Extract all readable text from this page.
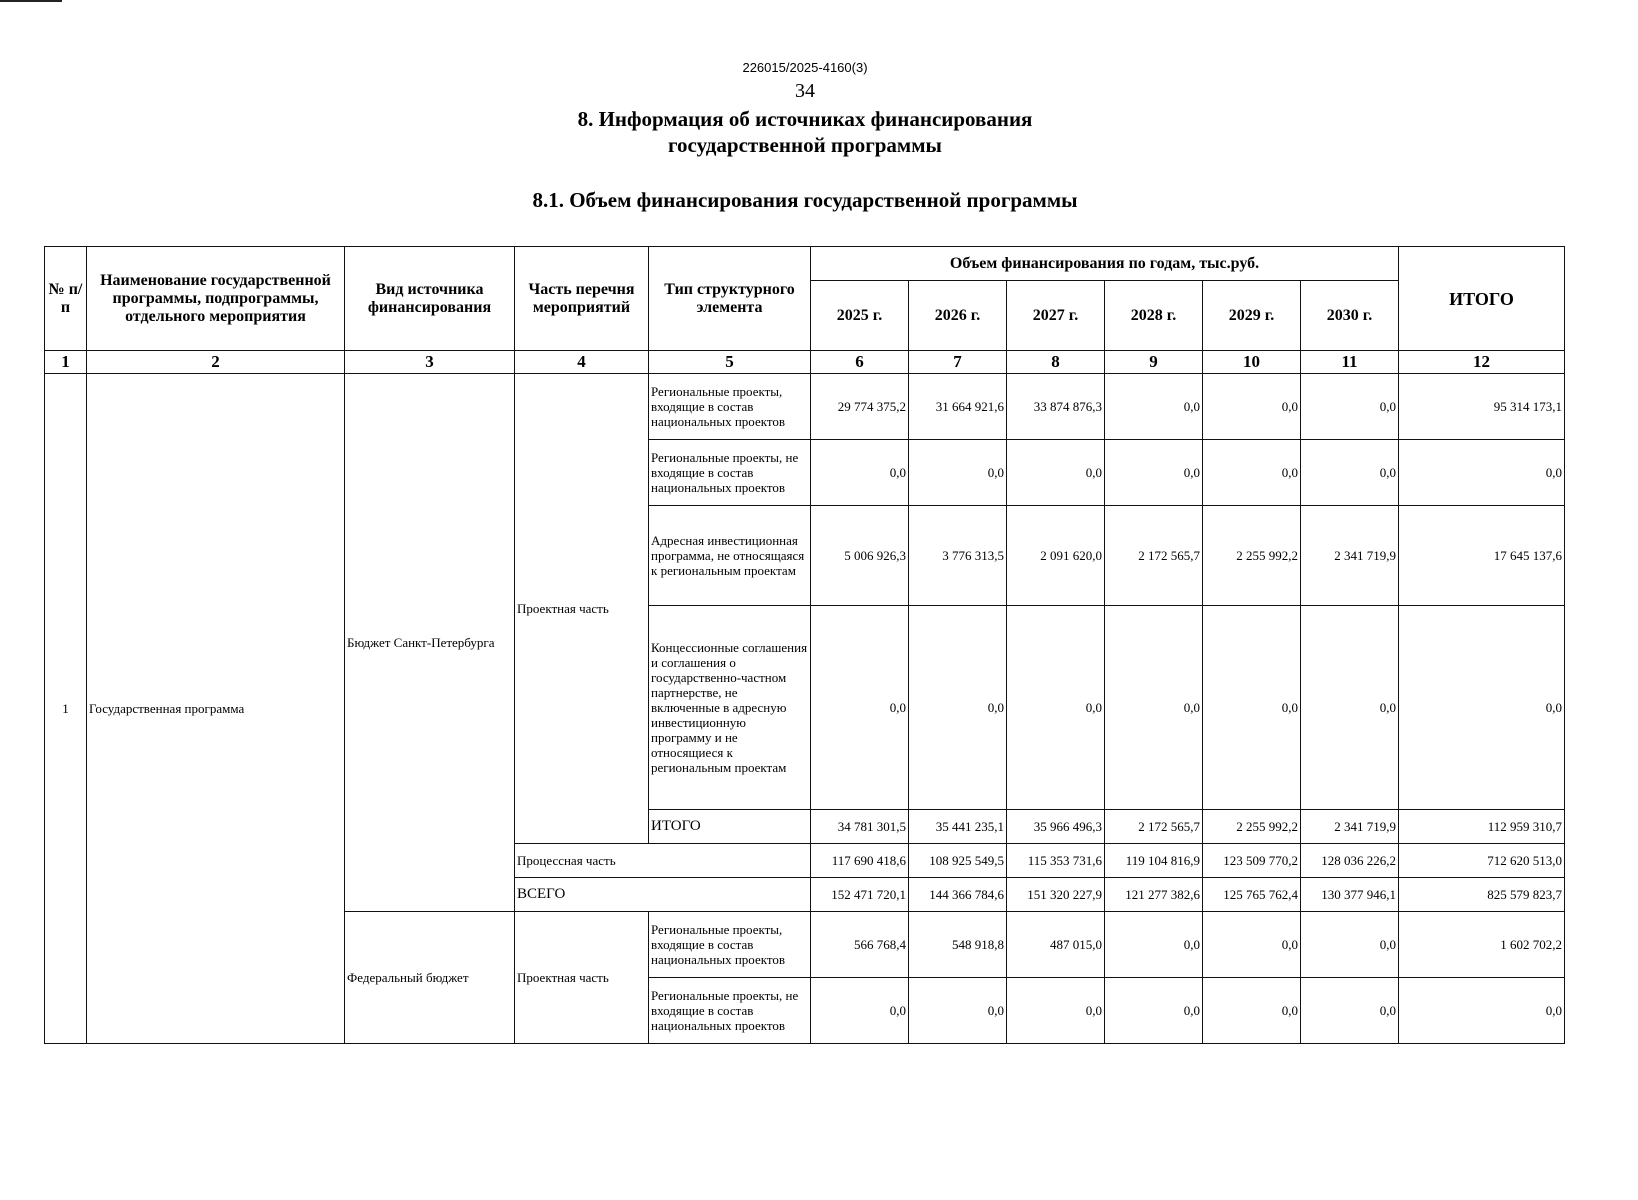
226015/2025-4160(3)
34
8. Информация об источниках финансирования
государственной программы
8.1. Объем финансирования государственной программы
№ п/п	Наименование государственной программы, подпрограммы, отдельного мероприятия	Вид источника финансирования	Часть перечня мероприятий	Тип структурного элемента	Объем финансирования по годам, тыс.руб.						ИТОГО
					2025 г.	2026 г.	2027 г.	2028 г.	2029 г.	2030 г.	
1	2	3	4	5	6	7	8	9	10	11	12
1	Государственная программа	Бюджет Санкт-Петербурга	Проектная часть	Региональные проекты, входящие в состав национальных проектов	29 774 375,2	31 664 921,6	33 874 876,3	0,0	0,0	0,0	95 314 173,1
				Региональные проекты, не входящие в состав национальных проектов	0,0	0,0	0,0	0,0	0,0	0,0	0,0
				Адресная инвестиционная программа, не относящаяся к региональным проектам	5 006 926,3	3 776 313,5	2 091 620,0	2 172 565,7	2 255 992,2	2 341 719,9	17 645 137,6
				Концессионные соглашения и соглашения о государственно-частном партнерстве, не включенные в адресную инвестиционную программу и не относящиеся к региональным проектам	0,0	0,0	0,0	0,0	0,0	0,0	0,0
				ИТОГО	34 781 301,5	35 441 235,1	35 966 496,3	2 172 565,7	2 255 992,2	2 341 719,9	112 959 310,7
			Процессная часть		117 690 418,6	108 925 549,5	115 353 731,6	119 104 816,9	123 509 770,2	128 036 226,2	712 620 513,0
			ВСЕГО		152 471 720,1	144 366 784,6	151 320 227,9	121 277 382,6	125 765 762,4	130 377 946,1	825 579 823,7
		Федеральный бюджет	Проектная часть	Региональные проекты, входящие в состав национальных проектов	566 768,4	548 918,8	487 015,0	0,0	0,0	0,0	1 602 702,2
				Региональные проекты, не входящие в состав национальных проектов	0,0	0,0	0,0	0,0	0,0	0,0	0,0
